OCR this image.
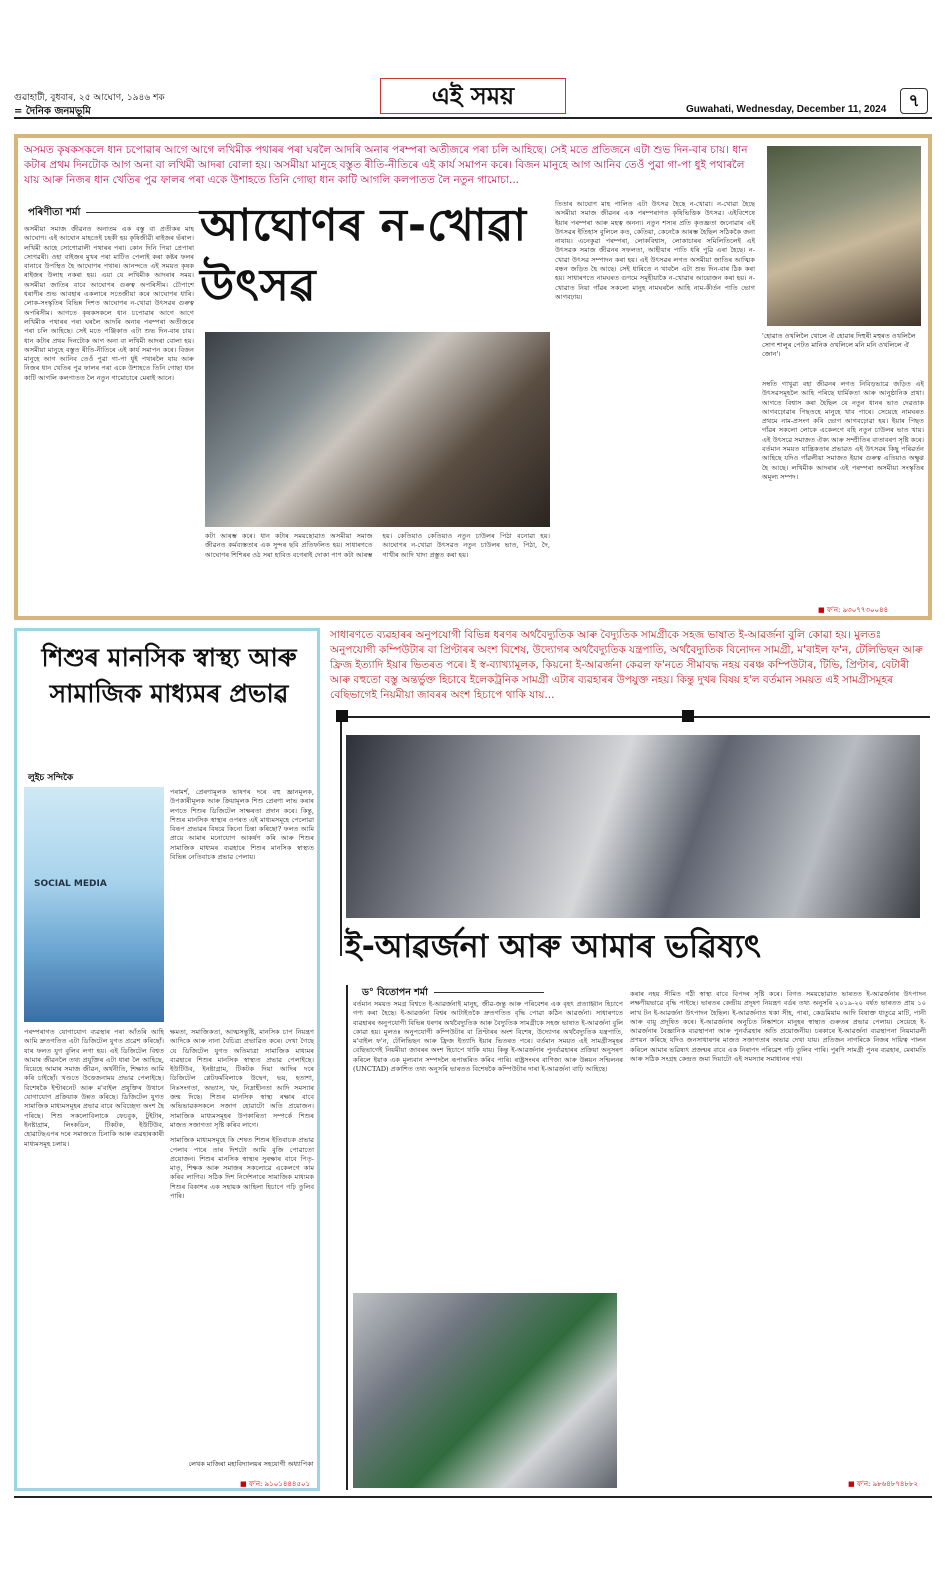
গুৱাহাটী, বুধবাৰ, ২৫ আঘোণ, ১৯৪৬ শক
= দৈনিক জনমভূমি
এই সময়	Guwahati, Wednesday, December 11, 2024	৭
অসমত কৃষকসকলে ধান চপোৱাৰ আগে আগে লখিমীক পথাৰৰ পৰা ঘৰলৈ আদৰি অনাৰ পৰম্পৰা অতীজৰে পৰা চলি আহিছে। সেই মতে প্ৰতিজনে এটা শুভ দিন-বাৰ চায়। ধান কটাৰ প্ৰথম দিনটোক আগ অনা বা লখিমী আদৰা বোলা হয়। অসমীয়া মানুহে বস্তুত ৰীতি-নীতিৰে এই কাৰ্য সমাপন কৰে। বিজন মানুহে আগ আনিব তেওঁ পুৱা গা-পা ধুই পথাৰলৈ যায় আৰু নিজৰ ধান খেতিৰ পুৱ ফালৰ পৰা একে উশাহতে তিনি গোছা ধান কাটি আগলি কলপাতত লৈ নতুন গামোচা...
পৰিণীতা শৰ্মা	আঘোণৰ ন-খোৱা উৎসৱ
অসমীয়া সমাজ জীৱনত অনাতম এক বস্তু বা প্ৰতীকৰ মাহ আঘোণ। এই আঘোন মাহতেই চহকী হয় কৃষিজীৱী ৰাইজৰ ভঁৰাল। লখিমী আহে সোণোৱালী পথাৰৰ পৰা। কোন দিনি পিয়া প্ৰেপাৰা সোণৱৰী। ওহা বাইজৰ মুখৰ পৰা মাটিত পেলাই কৰা কষ্টৰ ফলৰ বানাবে উপস্থিত হৈ আঘোণৰ পথাৰ। আনন্দতে এই সময়ত কৃষক ৰাইজৰ উলাহ নকৰা হয়। এয়া যে লখিমীক আদৰাৰ সময়। অসমীয়া জাতিৰ বাবে আঘোণৰ গুৰুত্ব অপৰিসীম। চৌপাশে ধৰাণীৰ শুভ আবহাৰ একলাৰে সতেজীয়া কৰে আঘোণৰ ধাৰি। লোক-সংস্কৃতিৰ বিভিন্ন দিশত আঘোণৰ ন-খোৱা উৎসৱৰ গুৰুত্ব অপৰিসীম। আগতে কৃষকসকলে ধান চপোৱাৰ আগে আগে লখিমীক পথাৰৰ পৰা ঘৰলৈ আদৰি অনাৰ পৰম্পৰা অতীজৰে পৰা চলি আহিছে। সেই মতে পঞ্জিকাত এটা শুভ দিন-বাৰ চায়। ধান কটাৰ প্ৰথম দিনটোক আগ অনা বা লখিমী আদৰা বোলা হয়। অসমীয়া মানুহে বস্তুত ৰীতি-নীতিৰে এই কাৰ্য সমাপন কৰে। বিজন মানুহে আগ আনিব তেওঁ পুৱা গা-পা ধুই পথাৰলৈ যায় আৰু নিজৰ ধান খেতিৰ পুৱ ফালৰ পৰা একে উশাহতে তিনি গোছা ধান কাটি আগলি কলপাতত লৈ নতুন গামোচাৰে মেৰাই আনে।
কটা আৰম্ভ কৰে। ধান কটাৰ সময়ছোৱাত অসমীয়া সমাজ জীৱনত কৰ্মব্যস্ততাৰ এক সুন্দৰ ছবি প্ৰতিফলিত হয়। সাধাৰণতে আঘোণৰ শিশিৰৰ ওঠ সৰা হাবিত বগেৰাই দোকা পাণ কটা আৰম্ভ হয়। কেতিয়াও কেতিয়াও নতুন চাউলৰ পিঠা বনোৱা হয়। আঘোণৰ ন-খোৱা উৎসৱত নতুন চাউলৰ ভাত, পিঠা, দৈ, গাখীৰ আদি খাদ্য প্ৰস্তুত কৰা হয়।
তিতাৰ আঘোণ মাহ পালিত এটা উৎসৱ হৈছে ন-খোৱা। ন-খোৱা হৈছে অসমীয়া সমাজ জীৱনৰ এক পৰম্পৰাগত কৃষিভিত্তিক উৎসৱ। এইবিশেষে ইয়াৰ পৰম্পৰা আৰু মহত্ব অনন্য। নতুন শস্যৰ প্ৰতি কৃতজ্ঞতা জনোৱাৰ এই উৎসৱৰ ইতিহাস বুলিলে কত, কেতিয়া, কেনেকৈ আৰম্ভ হৈছিল সঠিককৈ জনা নাযায়। এনেকুৱা পৰম্পৰা, লোকবিশ্বাস, লোকাচাৰৰ সমিলিতিলেই এই উৎসৱক সমাজ জীৱনৰ সফলতা, আহীয়াৰ পাতি ধৰি পুৱি এৰা হৈছে। ন-খোৱা উৎসৱ সম্পাদন কৰা হয়। এই উৎসৱৰ লগত অসমীয়া জাতিৰ আত্মিক বন্ধন জড়িত হৈ আছে। সেই ধাৰিতে ন খাবলৈ এটা শুভ দিন-বাৰ ঠিক কৰা হয়। সাধাৰণতে নামঘৰত গুণমে সমূহীয়াকৈ ন-খোৱাৰ আয়োজন কৰা হয়। ন-খোৱাত নিয়া গাঁৱৰ সকলো মানুহ নামঘৰলৈ আহি নাম-কীৰ্তন পাতি ভোগ আগবঢ়ায়।
'হোৱাত ওখলিলৈ খোলে ঐ হোৱাৰ দিহুৰী মহুৰত ওখলিলৈ সোণ শালুৰ পেটত মানিক ওখলিলে মনি মনি ওখলিলে ঐ জোন'।
সম্বতি গাখুৱা বহা জীৱনৰ লগত নিবিড়ভাৱে জড়িত এই উৎসৱসমূহলৈ আহি পৰিছে ধাৰ্মিকতা আৰু আনুষ্ঠানিক প্ৰথা। আগতে বিশ্বাস কৰা হৈছিল যে নতুন ধানৰ ভাত দেৱতাক আগবঢ়োৱাৰ পিছতহে মানুহে খাব পাৰে। সেয়েহে নামঘৰত প্ৰথমে নাম-প্ৰসংগ কৰি ভোগ আগবঢ়োৱা হয়। ইয়াৰ পিছত গাঁৱৰ সকলো লোকে একেলগে বহি নতুন চাউলৰ ভাত খায়। এই উৎসৱে সমাজত ঐক্য আৰু সম্প্ৰীতিৰ বাতাবৰণ সৃষ্টি কৰে। বৰ্তমান সময়ত যান্ত্ৰিকতাৰ প্ৰভাৱত এই উৎসৱৰ কিছু পৰিৱৰ্তন আহিছে যদিও গাঁৱলীয়া সমাজত ইয়াৰ গুৰুত্ব এতিয়াও অক্ষুণ্ণ হৈ আছে। লখিমীক আদৰাৰ এই পৰম্পৰা অসমীয়া সংস্কৃতিৰ অমূল্য সম্পদ।
■ ফ'ন: ৯৩০৭৭৩০০৪৪
শিশুৰ মানসিক স্বাস্থ্য আৰু সামাজিক মাধ্যমৰ প্ৰভাৱ
লুইচ সন্দিকৈ
SOCIAL MEDIA
পৰামৰ্শ, প্ৰেৰণামূলক ভাষণৰ দৰে বহু জ্ঞানমূলক, উপকাৰীমূলক আৰু ক্ৰিয়ামূলক শিশু প্ৰেৰণা লাভ কৰাৰ লগতে শিশুৰ ডিজিটেল সাক্ষৰতা প্ৰদান কৰে। কিন্তু, শিশুৰ মানসিক স্বাস্থ্যৰ ওপৰত এই মাধ্যমসমূহে পেলোৱা বিৰূপ প্ৰভাৱৰ বিষয়ে কিনো চিন্তা কৰিছো? ফলত আমি প্ৰায়ে আমাৰ মনোযোগ আকৰ্ষণ কৰি আৰু শিশুৰ সামাজিক মাধ্যমৰ ব্যৱহাৰে শিশুৰ মানসিক স্বাস্থ্যত বিভিন্ন নেতিবাচক প্ৰভাৱ পেলায়।
পৰম্পৰাগত যোগাযোগ ব্যৱস্থাৰ পৰা আঁতৰি আহি আমি দ্ৰুতগতিত এটা ডিজিটেল যুগত প্ৰৱেশ কৰিছোঁ। যাৰ ফলত যুগ বুলিব লগা হয়। এই ডিজিটেল বিশ্বত আমাৰ জীৱনলৈ তথ্য প্ৰযুক্তিৰ এটা ধাৰা লৈ আহিছে, যিয়েহে আমাৰ সমাজ জীৱন, অৰ্থনীতি, শিক্ষাত আমি কৰি চাইছোঁ। খণ্ডতে উত্তেজনাময় প্ৰভাৱ পেলাইছে। বিশেষকৈ ইণ্টাৰনেট আৰু ম'বাইল প্ৰযুক্তিৰ উথানে যোগাযোগ প্ৰক্ৰিয়াক উন্নত কৰিছে। ডিজিটেল যুগত সামাজিক মাধ্যমসমূহৰ প্ৰভাৱ বাবে অবিচ্ছেদ্য অংশ হৈ পৰিছে। শিশু সকলোবিলাকে ফেচবুক, টুইটাৰ, ইনষ্টাগ্ৰাম, লিংকডিন, টিকটক, ইউটিউব, হোৱাটছএপৰ দৰে সমাজতে চিনাকি আৰু ব্যৱহাৰকাৰী মাধ্যমসমূহ চলায়।
ক্ষমতা, সমাজিকতা, আত্মসন্তুষ্টি, মানসিক চাপ নিয়ন্ত্ৰণ আদিকে আৰু নানা বৈচিত্ৰ্য প্ৰভাৱিত কৰে। দেখা গৈছে যে ডিজিটেল যুগত অতিমাত্ৰা সামাজিক মাধ্যমৰ ব্যৱহাৰে শিশুৰ মানসিক স্বাস্থ্যত প্ৰভাৱ পেলাইছে। ইউটিউব, ইনষ্টাগ্ৰাম, টিকটক দিয়া আদিৰ দৰে ডিজিটেল প্লেটফৰ্মবিলাকে উদ্বেগ, ভয়, হতাশা, নিঃসংগতা, অভ্যাস, খং, নিদ্ৰাহীনতা আদি সমস্যাৰ জন্ম দিছে। শিশুৰ মানসিক স্বাস্থ্য ৰক্ষাৰ বাবে অভিভাৱকসকলে সজাগ হোৱাটো অতি প্ৰয়োজন। সামাজিক মাধ্যমসমূহৰ উপকাৰিতা সম্পৰ্কে শিশুৰ মাজত সজাগতা সৃষ্টি কৰিব লাগে।
সামাজিক মাধ্যমসমূহে কি শেষত শিশুৰ ইতিবাচক প্ৰভাৱ পেলাব পাৰে তাৰ দিশটো আমি বুজি পোৱাতো প্ৰয়োজন। শিশুৰ মানসিক স্বাস্থ্যৰ সুৰক্ষাৰ বাবে পিতৃ-মাতৃ, শিক্ষক আৰু সমাজৰ সকলোৱে একেলগে কাম কৰিব লাগিব। সঠিক দিশ নিৰ্দেশনাৰে সামাজিক মাধ্যমক শিশুৰ বিকাশৰ এক সহায়ক আহিলা হিচাপে গঢ়ি তুলিব পাৰি।
লেখক মাজিৰা মহাবিদ্যালয়ৰ সহযোগী অধ্যাপিকা
■ ফ'ন: ৯১০১৪৪৪৫০১
সাধাৰণতে ব্যৱহাৰৰ অনুপযোগী বিভিন্ন ধৰণৰ অৰ্থবৈদ্যুতিক আৰু বৈদ্যুতিক সামগ্ৰীকে সহজ ভাষাত ই-আৱৰ্জনা বুলি কোৱা হয়। মুলতঃ অনুপযোগী কম্পিউটাৰ বা প্ৰিণ্টাৰৰ অংশ বিশেষ, উদ্যোগৰ অৰ্থবৈদ্যুতিক যন্ত্ৰপাতি, অৰ্থবৈদ্যুতিক বিনোদন সামগ্ৰী, ম'বাইল ফ'ন, টেলিভিছন আৰু ফ্ৰিজ ইত্যাদি ইয়াৰ ভিতৰত পৰে। ই স্ব-ব্যাখ্যামূলক, কিয়নো ই-আৱৰ্জনা কেৱল ফ'নতে সীমাবদ্ধ নহয় বৰঞ্চ কম্পিউটাৰ, টিভি, প্ৰিণ্টাৰ, বেটাৰী আৰু বহুতো বস্তু অন্তৰ্ভুক্ত হিচাবে ইলেকট্ৰনিক সামগ্ৰী এটাৰ ব্যৱহাৰৰ উপযুক্ত নহয়। কিন্তু দুখৰ বিষয় হ'ল বৰ্তমান সময়ত এই সামগ্ৰীসমূহৰ বেছিভাগেই নিয়মীয়া জাবৰৰ অংশ হিচাপে থাকি যায়...
ই-আৱৰ্জনা আৰু আমাৰ ভৱিষ্যৎ
ড° বিতোপন শৰ্মা
বৰ্তমান সময়ত সমগ্ৰ বিশ্বতে ই-আৱৰ্জনাই মানুহ, জীৱ-জন্তু আৰু পৰিবেশৰ এক বৃহৎ প্ৰত্যাহ্বান হিচাপে গণ্য কৰা হৈছে। ই-আৱৰ্জনা বিশ্বৰ আটাইতকৈ দ্ৰুতগতিত বৃদ্ধি পোৱা কঠিন আৱৰ্জনা। সাধাৰণতে ব্যৱহাৰৰ অনুপযোগী বিভিন্ন ধৰণৰ অৰ্থবৈদ্যুতিক আৰু বৈদ্যুতিক সামগ্ৰীকে সহজ ভাষাত ই-আৱৰ্জনা বুলি কোৱা হয়। মুলতঃ অনুপযোগী কম্পিউটাৰ বা প্ৰিণ্টাৰৰ অংশ বিশেষ, উদ্যোগৰ অৰ্থবৈদ্যুতিক যন্ত্ৰপাতি, ম'বাইল ফ'ন, টেলিভিছন আৰু ফ্ৰিজ ইত্যাদি ইয়াৰ ভিতৰত পৰে। বৰ্তমান সময়ত এই সামগ্ৰীসমূহৰ বেছিভাগেই নিয়মীয়া জাবৰৰ অংশ হিচাপে থাকি যায়। কিন্তু ই-আৱৰ্জনাৰ পুনৰ্ব্যৱহাৰৰ প্ৰক্ৰিয়া অনুসৰণ কৰিলে ইয়াক এক মূল্যবান সম্পদলৈ ৰূপান্তৰিত কৰিব পাৰি। ৰাষ্ট্ৰসংঘৰ বাণিজ্য আৰু উন্নয়ন সন্মিলনৰ (UNCTAD) প্ৰকাশিত তথ্য অনুসৰি ভাৰতত বিশেষকৈ কম্পিউটাৰ দাৰা ই-আৱৰ্জনা বাঢ়ি আহিছে।
কৰাৰ নহয় সীমিত গঠী স্বাস্থ্য বাবে বিপদৰ সৃষ্টি কৰে। বিগত সময়ছোৱাত ভাৰতত ই-আৱৰ্জনাৰ উৎপাদন লক্ষণীয়ভাৱে বৃদ্ধি পাইছে। ভাৰতৰ কেন্দ্ৰীয় প্ৰদূষণ নিয়ন্ত্ৰণ বৰ্ডৰ তথ্য অনুসৰি ২০১৯-২০ বৰ্ষত ভাৰতত প্ৰায় ১০ লাখ টন ই-আৱৰ্জনা উৎপাদন হৈছিল। ই-আৱৰ্জনাত থকা সীহ, পাৰা, কেডমিয়াম আদি বিষাক্ত ধাতুৱে মাটি, পানী আৰু বায়ু প্ৰদূষিত কৰে। ই-আৱৰ্জনাৰ অনুচিত নিষ্কাশনে মানুহৰ স্বাস্থ্যত গুৰুতৰ প্ৰভাৱ পেলায়। সেয়েহে ই-আৱৰ্জনাৰ বৈজ্ঞানিক ব্যৱস্থাপনা আৰু পুনৰ্ব্যৱহাৰ অতি প্ৰয়োজনীয়। চৰকাৰে ই-আৱৰ্জনা ব্যৱস্থাপনা নিয়মাৱলী প্ৰণয়ন কৰিছে যদিও জনসাধাৰণৰ মাজত সজাগতাৰ অভাৱ দেখা যায়। প্ৰতিজন নাগৰিকে নিজৰ দায়িত্ব পালন কৰিলে আমাৰ ভৱিষ্যৎ প্ৰজন্মৰ বাবে এক নিৰাপদ পৰিৱেশ গঢ়ি তুলিব পাৰি। পুৰণি সামগ্ৰী পুনৰ ব্যৱহাৰ, মেৰামতি আৰু সঠিক সংগ্ৰহ কেন্দ্ৰত জমা দিয়াটো এই সমস্যাৰ সমাধানৰ পথ।
■ ফ'ন: ৯৮৬৪৮৭৪৮৮২
